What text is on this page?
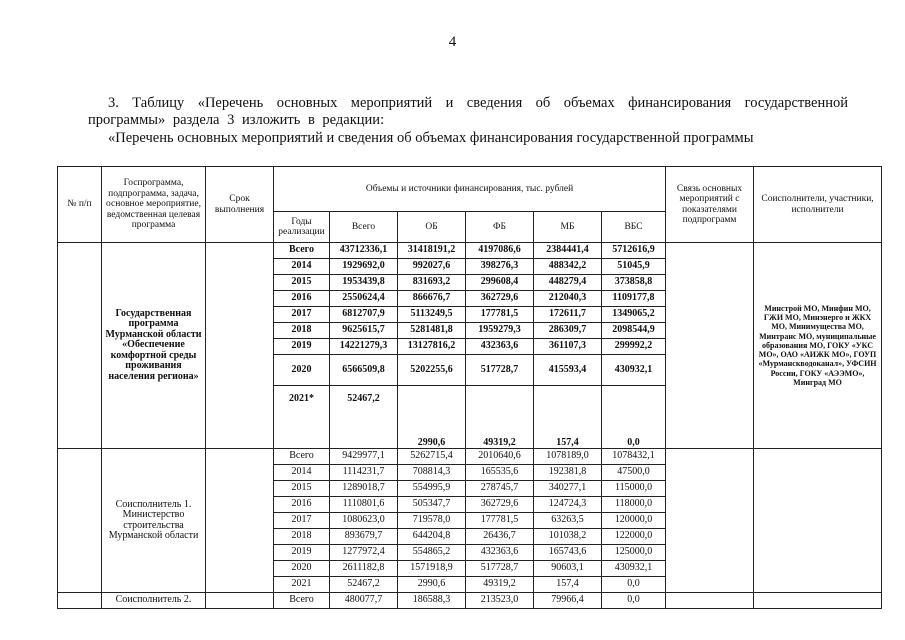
4
3. Таблицу «Перечень основных мероприятий и сведения об объемах финансирования государственной программы» раздела 3 изложить в редакции:
«Перечень основных мероприятий и сведения об объемах финансирования государственной программы
№ п/п	Госпрограмма, подпрограмма, задача, основное мероприятие, ведомственная целевая программа	Срок выполнения	Объемы и источники финансирования, тыс. рублей						Связь основных мероприятий с показателями подпрограмм	Соисполнители, участники, исполнители
			Годы реализации	Всего	ОБ	ФБ	МБ	ВБС		
	Государственная программа Мурманской области «Обеспечение комфортной среды проживания населения региона»		Всего	43712336,1	31418191,2	4197086,6	2384441,4	5712616,9		Минстрой МО, Минфин МО, ГЖИ МО, Минэнерго и ЖКХ МО, Минимущества МО, Минтранс МО, муниципальные образования МО, ГОКУ «УКС МО», ОАО «АИЖК МО», ГОУП «Мурманскводоканал», УФСИН России, ГОКУ «АЭЭМО», Минград МО
			2014	1929692,0	992027,6	398276,3	488342,2	51045,9		
			2015	1953439,8	831693,2	299608,4	448279,4	373858,8		
			2016	2550624,4	866676,7	362729,6	212040,3	1109177,8		
			2017	6812707,9	5113249,5	177781,5	172611,7	1349065,2		
			2018	9625615,7	5281481,8	1959279,3	286309,7	2098544,9		
			2019	14221279,3	13127816,2	432363,6	361107,3	299992,2		
			2020	6566509,8	5202255,6	517728,7	415593,4	430932,1		
			2021*	52467,2	2990,6	49319,2	157,4	0,0		
	Соисполнитель 1. Министерство строительства Мурманской области		Всего	9429977,1	5262715,4	2010640,6	1078189,0	1078432,1		
			2014	1114231,7	708814,3	165535,6	192381,8	47500,0		
			2015	1289018,7	554995,9	278745,7	340277,1	115000,0		
			2016	1110801,6	505347,7	362729,6	124724,3	118000,0		
			2017	1080623,0	719578,0	177781,5	63263,5	120000,0		
			2018	893679,7	644204,8	26436,7	101038,2	122000,0		
			2019	1277972,4	554865,2	432363,6	165743,6	125000,0		
			2020	2611182,8	1571918,9	517728,7	90603,1	430932,1		
			2021	52467,2	2990,6	49319,2	157,4	0,0		
	Соисполнитель 2.		Всего	480077,7	186588,3	213523,0	79966,4	0,0		
